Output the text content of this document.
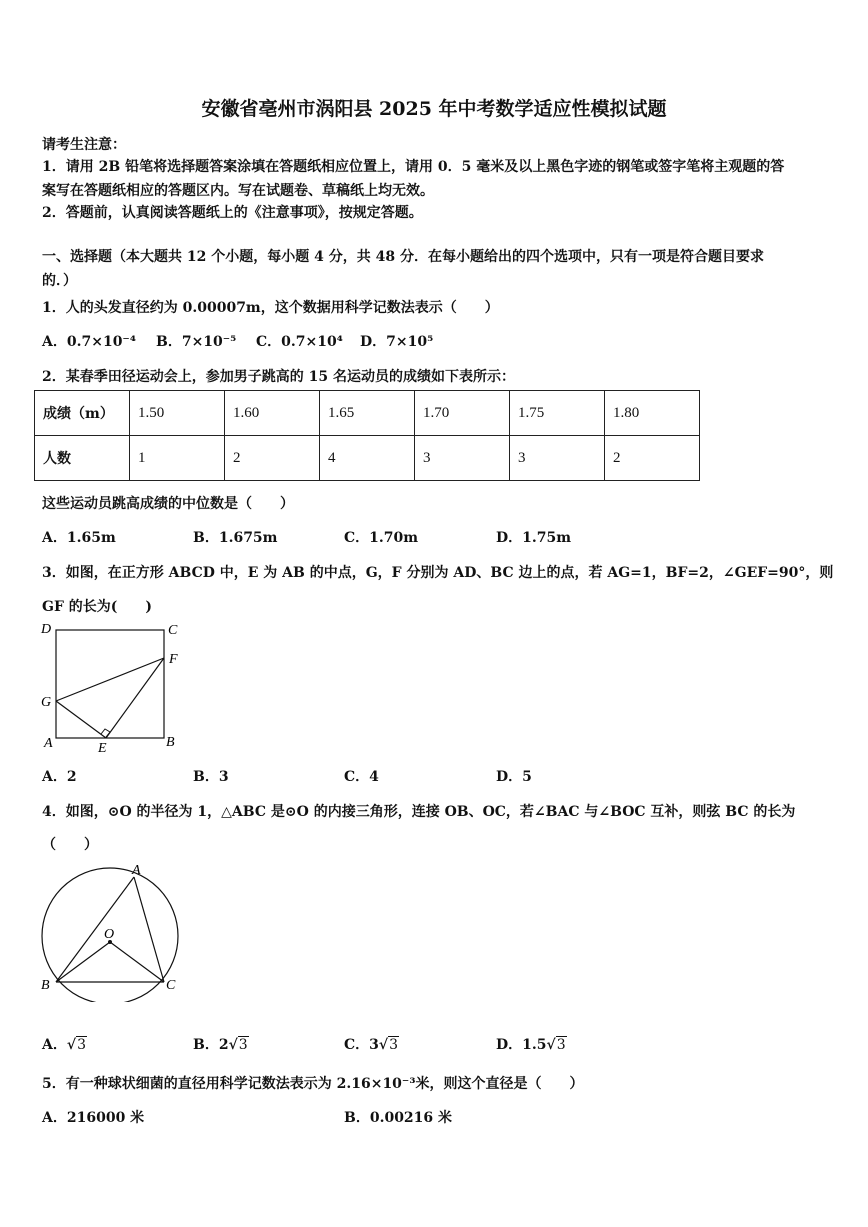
安徽省亳州市涡阳县 2025 年中考数学适应性模拟试题
请考生注意：
1．请用 2B 铅笔将选择题答案涂填在答题纸相应位置上，请用 0．5 毫米及以上黑色字迹的钢笔或签字笔将主观题的答
案写在答题纸相应的答题区内。写在试题卷、草稿纸上均无效。
2．答题前，认真阅读答题纸上的《注意事项》，按规定答题。
一、选择题（本大题共 12 个小题，每小题 4 分，共 48 分．在每小题给出的四个选项中，只有一项是符合题目要求
的．）
1．人的头发直径约为 0.00007m，这个数据用科学记数法表示（　　）
A．0.7×10⁻⁴ B．7×10⁻⁵ C．0.7×10⁴ D．7×10⁵
2．某春季田径运动会上，参加男子跳高的 15 名运动员的成绩如下表所示：
成绩（m）	1.50	1.60	1.65	1.70	1.75	1.80
人数	1	2	4	3	3	2
这些运动员跳高成绩的中位数是（　　）
A．1.65m	B．1.675m	C．1.70m	D．1.75m
3．如图，在正方形 ABCD 中，E 为 AB 的中点，G，F 分别为 AD、BC 边上的点，若 AG=1，BF=2，∠GEF=90°，则
GF 的长为(　　)
D	C
F
G
A	E	B
A．2	B．3	C．4	D．5
4．如图，⊙O 的半径为 1，△ABC 是⊙O 的内接三角形，连接 OB、OC，若∠BAC 与∠BOC 互补，则弦 BC 的长为
（　　）
A
O
B	C
A．√3	B．2√3	C．3√3	D．1.5√3
5．有一种球状细菌的直径用科学记数法表示为 2.16×10⁻³米，则这个直径是（　　）
A．216000 米	B．0.00216 米
